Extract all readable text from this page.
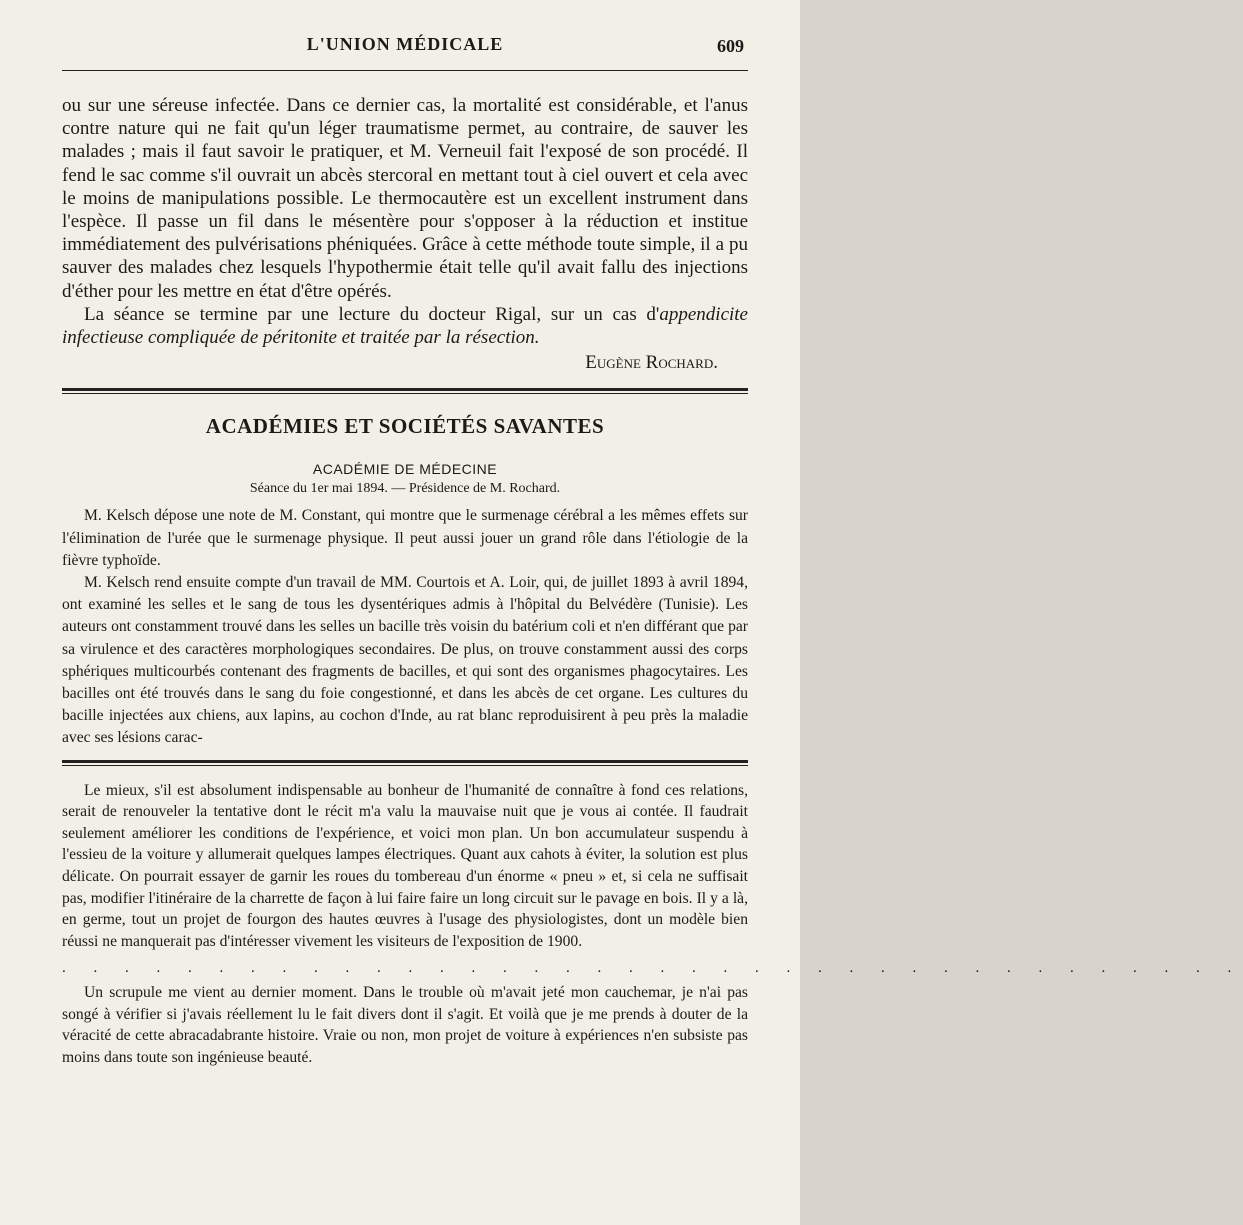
L'UNION MÉDICALE	609

ou sur une séreuse infectée. Dans ce dernier cas, la mortalité est considérable, et l'anus contre nature qui ne fait qu'un léger traumatisme permet, au contraire, de sauver les malades ; mais il faut savoir le pratiquer, et M. Verneuil fait l'exposé de son procédé. Il fend le sac comme s'il ouvrait un abcès stercoral en mettant tout à ciel ouvert et cela avec le moins de manipulations possible. Le thermocautère est un excellent instrument dans l'espèce. Il passe un fil dans le mésentère pour s'opposer à la réduction et institue immédiatement des pulvérisations phéniquées. Grâce à cette méthode toute simple, il a pu sauver des malades chez lesquels l'hypothermie était telle qu'il avait fallu des injections d'éther pour les mettre en état d'être opérés.

La séance se termine par une lecture du docteur Rigal, sur un cas d'appendicite infectieuse compliquée de péritonite et traitée par la résection.

Eugène Rochard.
ACADÉMIES ET SOCIÉTÉS SAVANTES
ACADÉMIE DE MÉDECINE
Séance du 1er mai 1894. — Présidence de M. Rochard.

M. Kelsch dépose une note de M. Constant, qui montre que le surmenage cérébral a les mêmes effets sur l'élimination de l'urée que le surmenage physique. Il peut aussi jouer un grand rôle dans l'étiologie de la fièvre typhoïde.

M. Kelsch rend ensuite compte d'un travail de MM. Courtois et A. Loir, qui, de juillet 1893 à avril 1894, ont examiné les selles et le sang de tous les dysentériques admis à l'hôpital du Belvédère (Tunisie). Les auteurs ont constamment trouvé dans les selles un bacille très voisin du batérium coli et n'en différant que par sa virulence et des caractères morphologiques secondaires. De plus, on trouve constamment aussi des corps sphériques multicourbés contenant des fragments de bacilles, et qui sont des organismes phagocytaires. Les bacilles ont été trouvés dans le sang du foie congestionné, et dans les abcès de cet organe. Les cultures du bacille injectées aux chiens, aux lapins, au cochon d'Inde, au rat blanc reproduisirent à peu près la maladie avec ses lésions carac-

Le mieux, s'il est absolument indispensable au bonheur de l'humanité de connaître à fond ces relations, serait de renouveler la tentative dont le récit m'a valu la mauvaise nuit que je vous ai contée. Il faudrait seulement améliorer les conditions de l'expérience, et voici mon plan. Un bon accumulateur suspendu à l'essieu de la voiture y allumerait quelques lampes électriques. Quant aux cahots à éviter, la solution est plus délicate. On pourrait essayer de garnir les roues du tombereau d'un énorme « pneu » et, si cela ne suffisait pas, modifier l'itinéraire de la charrette de façon à lui faire faire un long circuit sur le pavage en bois. Il y a là, en germe, tout un projet de fourgon des hautes œuvres à l'usage des physiologistes, dont un modèle bien réussi ne manquerait pas d'intéresser vivement les visiteurs de l'exposition de 1900.

. . . . . . . . . . . . . . . . . . . . . . . . . . . . . . . . . . . . . .

Un scrupule me vient au dernier moment. Dans le trouble où m'avait jeté mon cauchemar, je n'ai pas songé à vérifier si j'avais réellement lu le fait divers dont il s'agit. Et voilà que je me prends à douter de la véracité de cette abracadabrante histoire. Vraie ou non, mon projet de voiture à expériences n'en subsiste pas moins dans toute son ingénieuse beauté.
